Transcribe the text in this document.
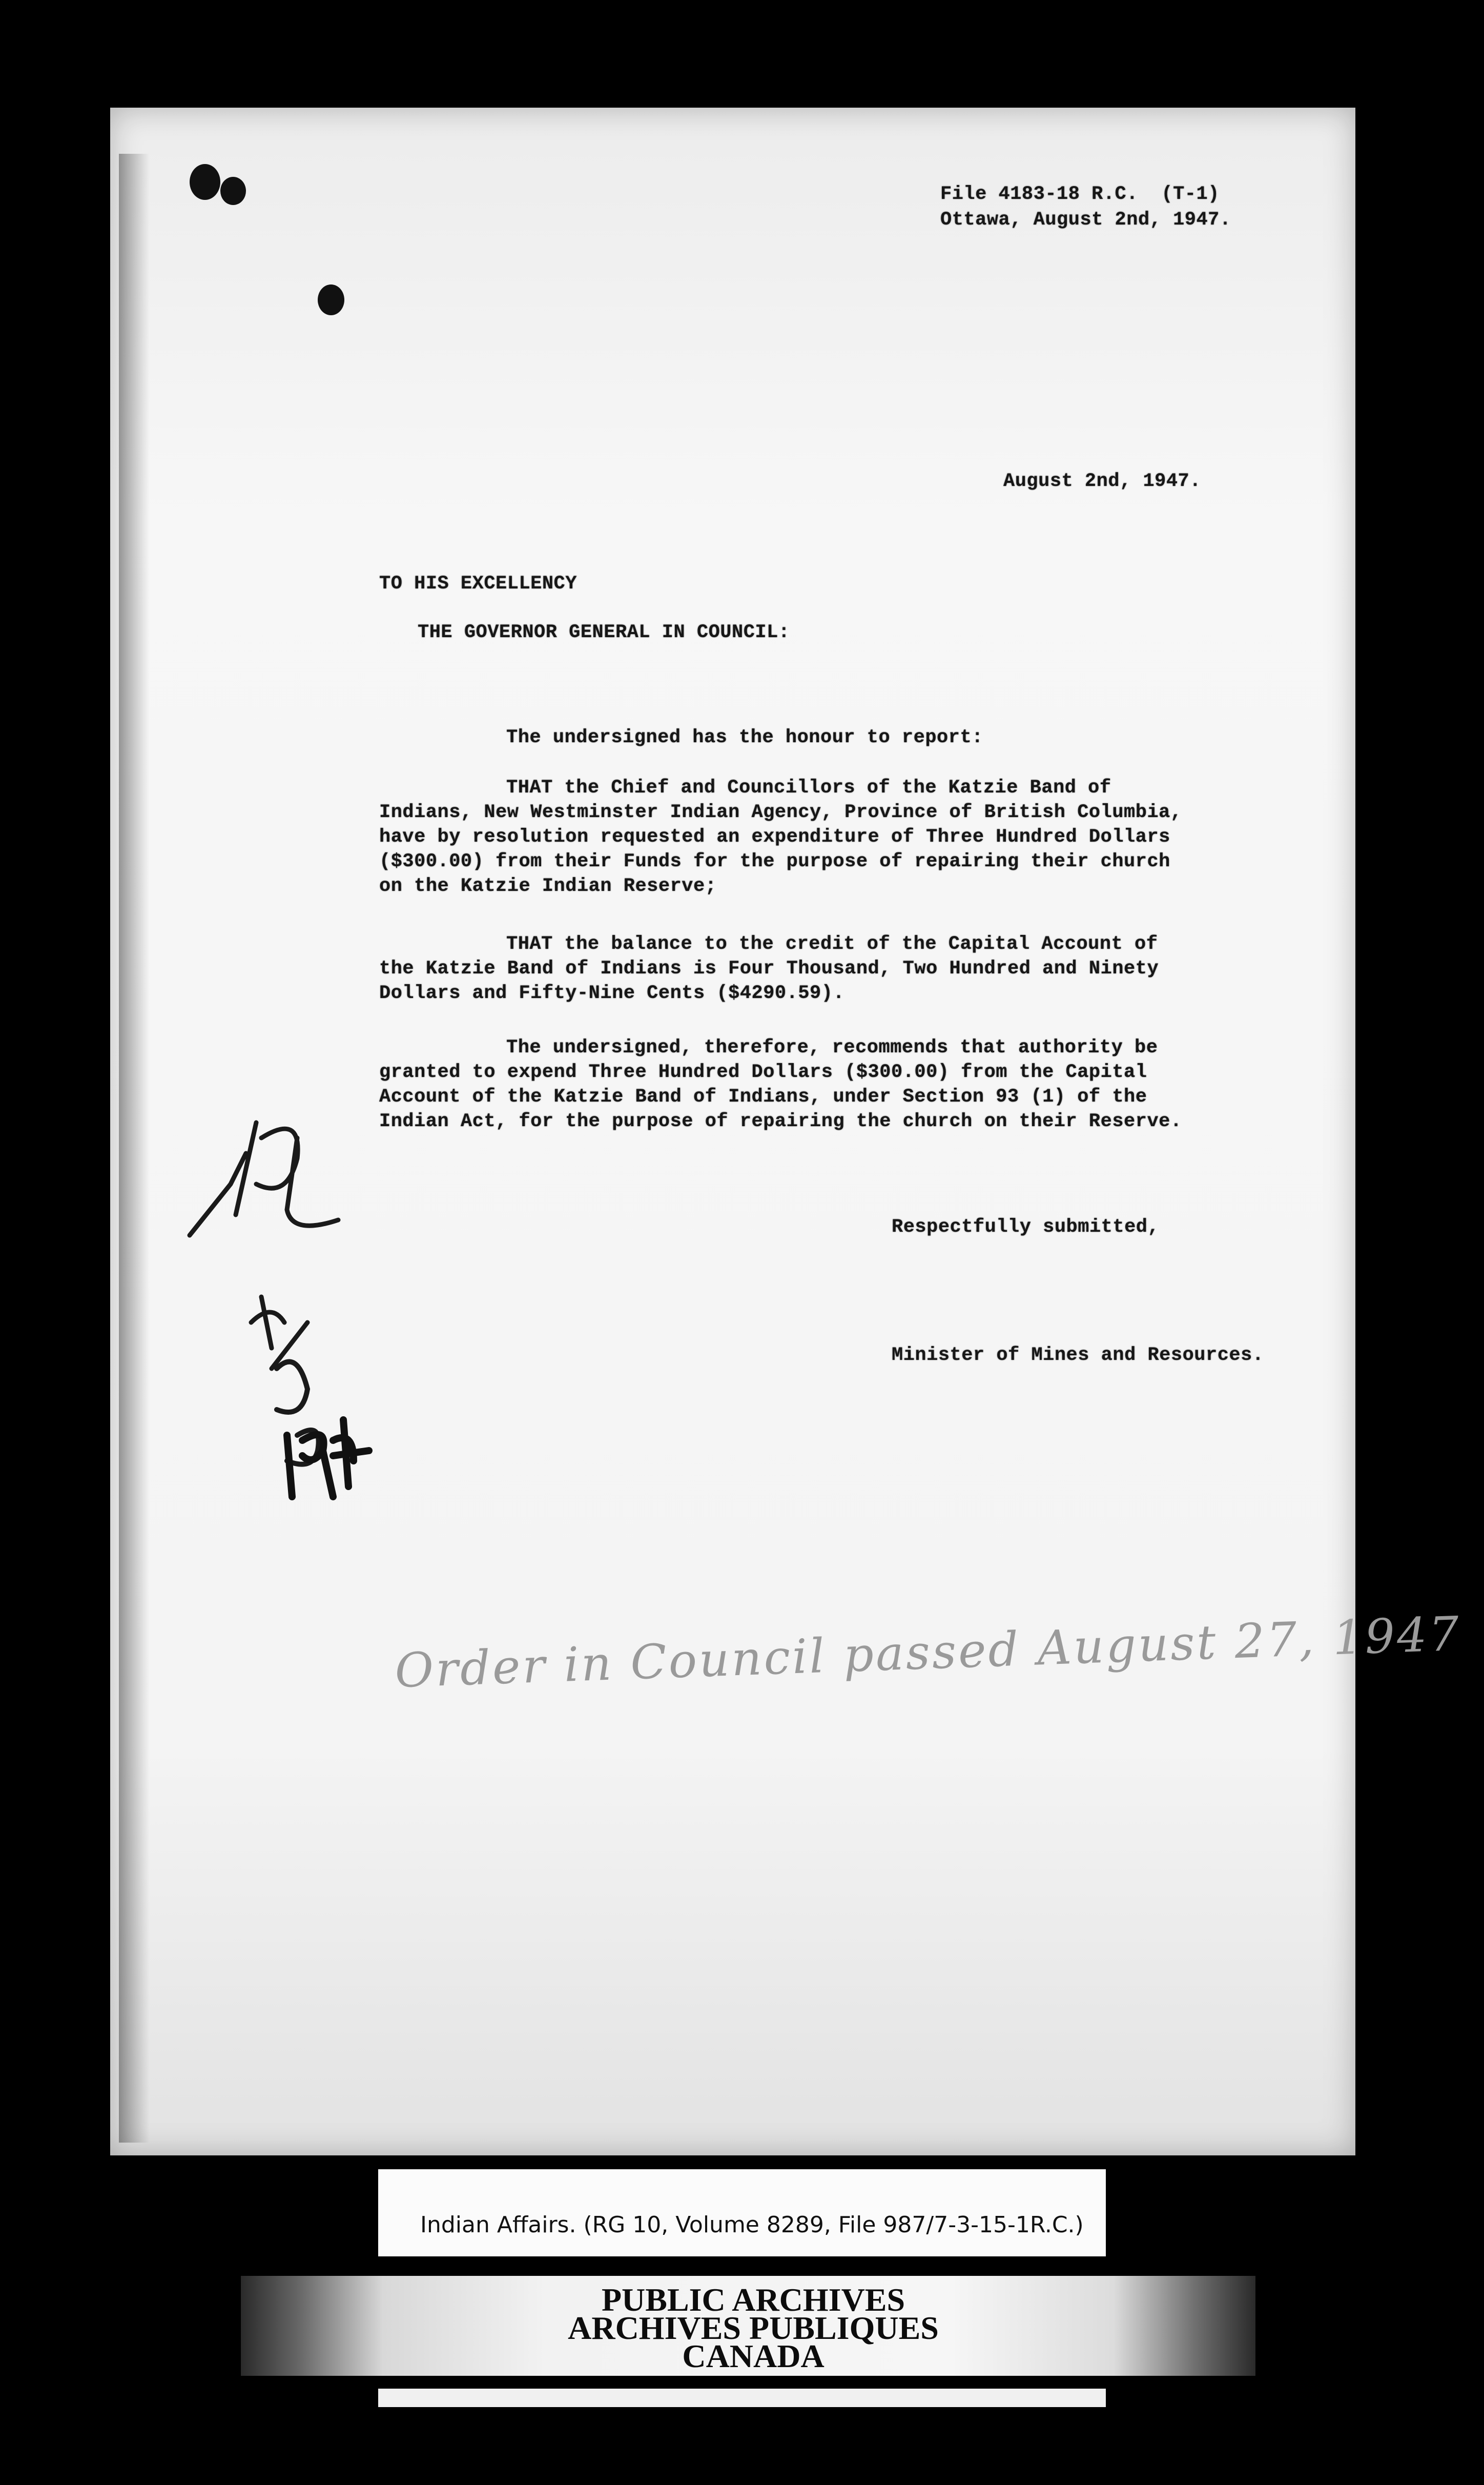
File 4183-18 R.C.  (T-1)
Ottawa, August 2nd, 1947.
August 2nd, 1947.
TO HIS EXCELLENCY
THE GOVERNOR GENERAL IN COUNCIL:
The undersigned has the honour to report:
THAT the Chief and Councillors of the Katzie Band of
Indians, New Westminster Indian Agency, Province of British Columbia,
have by resolution requested an expenditure of Three Hundred Dollars
($300.00) from their Funds for the purpose of repairing their church
on the Katzie Indian Reserve;
THAT the balance to the credit of the Capital Account of
the Katzie Band of Indians is Four Thousand, Two Hundred and Ninety
Dollars and Fifty-Nine Cents ($4290.59).
The undersigned, therefore, recommends that authority be
granted to expend Three Hundred Dollars ($300.00) from the Capital
Account of the Katzie Band of Indians, under Section 93 (1) of the
Indian Act, for the purpose of repairing the church on their Reserve.
Respectfully submitted,
Minister of Mines and Resources.
Order in Council passed August 27, 1947
Indian Affairs. (RG 10, Volume 8289, File 987/7-3-15-1R.C.)
PUBLIC ARCHIVES
ARCHIVES PUBLIQUES
CANADA
